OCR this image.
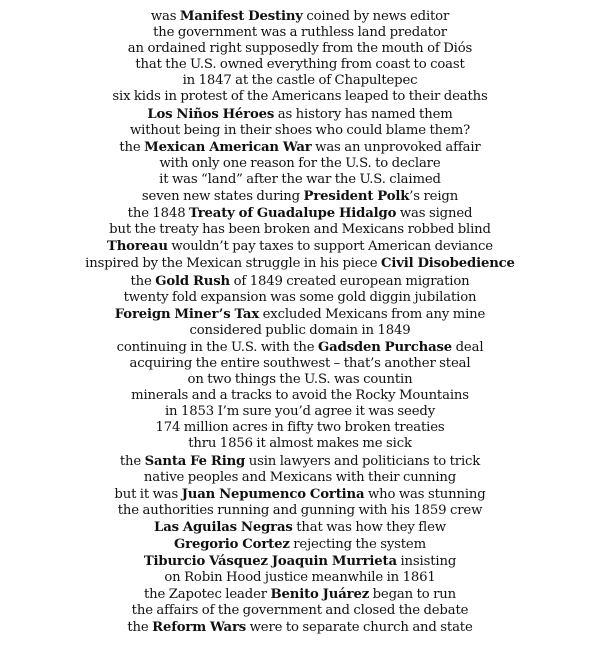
was Manifest Destiny coined by news editor
the government was a ruthless land predator
an ordained right supposedly from the mouth of Diós
that the U.S. owned everything from coast to coast
in 1847 at the castle of Chapultepec
six kids in protest of the Americans leaped to their deaths
Los Niños Héroes as history has named them
without being in their shoes who could blame them?
the Mexican American War was an unprovoked affair
with only one reason for the U.S. to declare
it was “land” after the war the U.S. claimed
seven new states during President Polk’s reign
the 1848 Treaty of Guadalupe Hidalgo was signed
but the treaty has been broken and Mexicans robbed blind
Thoreau wouldn’t pay taxes to support American deviance
inspired by the Mexican struggle in his piece Civil Disobedience
the Gold Rush of 1849 created european migration
twenty fold expansion was some gold diggin jubilation
Foreign Miner’s Tax excluded Mexicans from any mine
considered public domain in 1849
continuing in the U.S. with the Gadsden Purchase deal
acquiring the entire southwest – that’s another steal
on two things the U.S. was countin
minerals and a tracks to avoid the Rocky Mountains
in 1853 I’m sure you’d agree it was seedy
174 million acres in fifty two broken treaties
thru 1856 it almost makes me sick
the Santa Fe Ring usin lawyers and politicians to trick
native peoples and Mexicans with their cunning
but it was Juan Nepumenco Cortina who was stunning
the authorities running and gunning with his 1859 crew
Las Aguilas Negras that was how they flew
Gregorio Cortez rejecting the system
Tiburcio Vásquez Joaquin Murrieta insisting
on Robin Hood justice meanwhile in 1861
the Zapotec leader Benito Juárez began to run
the affairs of the government and closed the debate
the Reform Wars were to separate church and state
